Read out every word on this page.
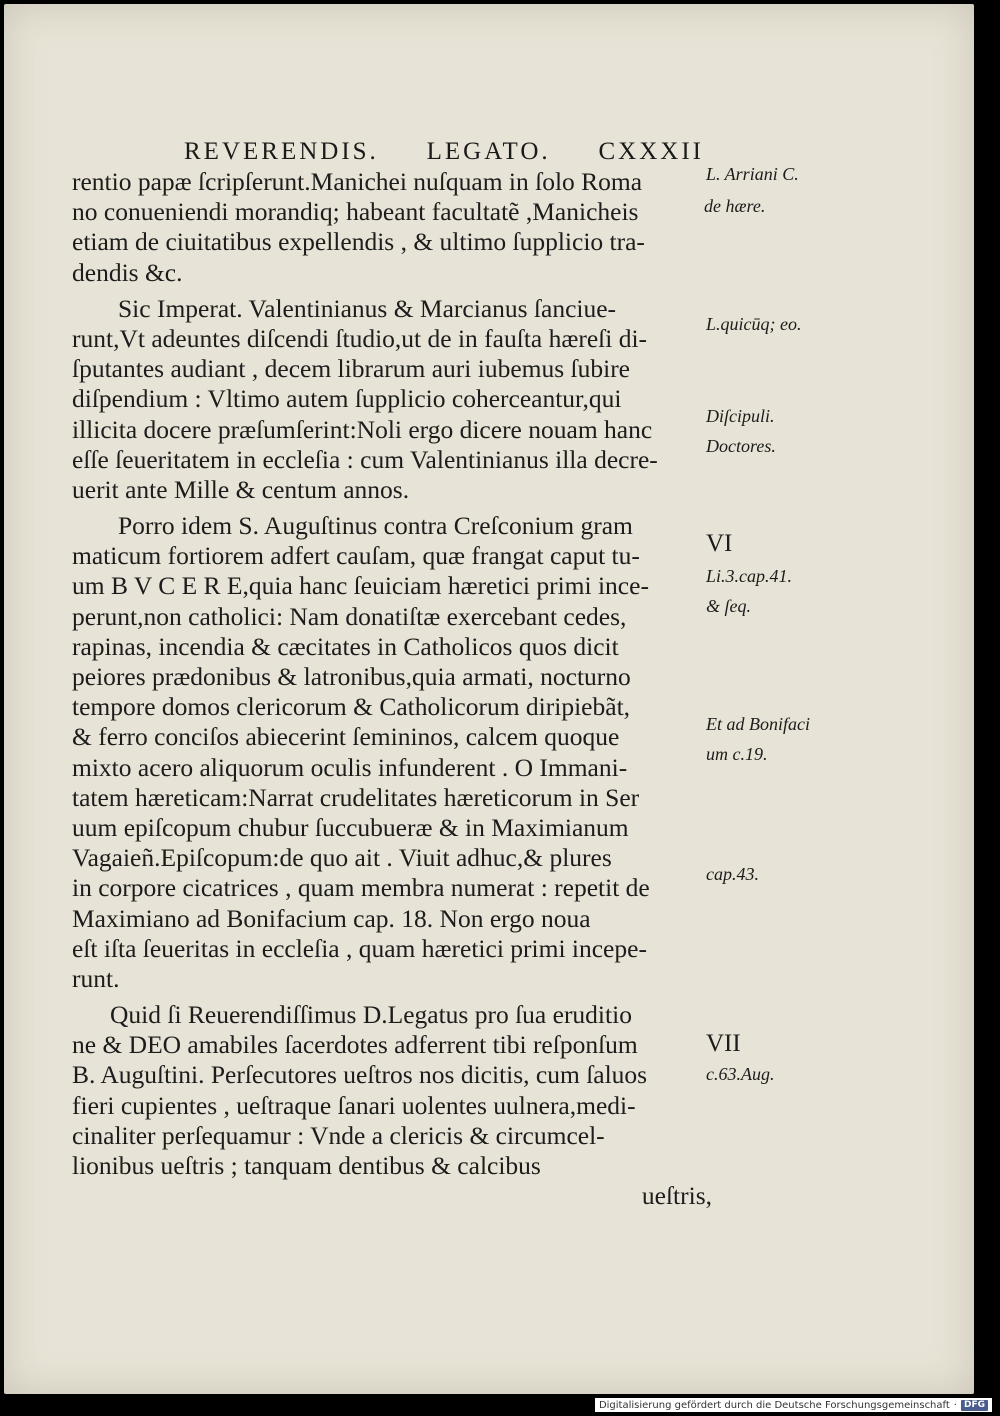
REVERENDIS. LEGATO. CXXXII
rentio papæ ſcripſerunt.Manichei nuſquam in ſolo Roma
no conueniendi morandiq; habeant facultatẽ ,Manicheis
etiam de ciuitatibus expellendis , & ultimo ſupplicio tra-
dendis &c.
Sic Imperat. Valentinianus & Marcianus ſanciue-
runt,Vt adeuntes diſcendi ſtudio,ut de in fauſta hæreſi di-
ſputantes audiant , decem librarum auri iubemus ſubire
diſpendium : Vltimo autem ſupplicio coherceantur,qui
illicita docere præſumſerint:Noli ergo dicere nouam hanc
eſſe ſeueritatem in eccleſia : cum Valentinianus illa decre-
uerit ante Mille & centum annos.
Porro idem S. Auguſtinus contra Creſconium gram
maticum fortiorem adfert cauſam, quæ frangat caput tu-
um B V C E R E,quia hanc ſeuiciam hæretici primi ince-
perunt,non catholici: Nam donatiſtæ exercebant cedes,
rapinas, incendia & cæcitates in Catholicos quos dicit
peiores prædonibus & latronibus,quia armati, nocturno
tempore domos clericorum & Catholicorum diripiebãt,
& ferro conciſos abiecerint ſemininos, calcem quoque
mixto acero aliquorum oculis infunderent . O Immani-
tatem hæreticam:Narrat crudelitates hæreticorum in Ser
uum epiſcopum chubur ſuccubueræ & in Maximianum
Vagaieñ.Epiſcopum:de quo ait . Viuit adhuc,& plures
in corpore cicatrices , quam membra numerat : repetit de
Maximiano ad Bonifacium cap. 18. Non ergo noua
eſt iſta ſeueritas in eccleſia , quam hæretici primi incepe-
runt.
Quid ſi Reuerendiſſimus D.Legatus pro ſua eruditio
ne & DEO amabiles ſacerdotes adferrent tibi reſponſum
B. Auguſtini. Perſecutores ueſtros nos dicitis, cum ſaluos
fieri cupientes , ueſtraque ſanari uolentes uulnera,medi-
cinaliter perſequamur : Vnde a clericis & circumcel-
lionibus ueſtris ; tanquam dentibus & calcibus
ueſtris,
L. Arriani C.
de hære.
L.quicūq; eo.
Diſcipuli.
Doctores.
VI
Li.3.cap.41.
& ſeq.
Et ad Bonifaci
um c.19.
cap.43.
VII
c.63.Aug.
Digitalisierung gefördert durch die Deutsche Forschungsgemeinschaft · DFG
